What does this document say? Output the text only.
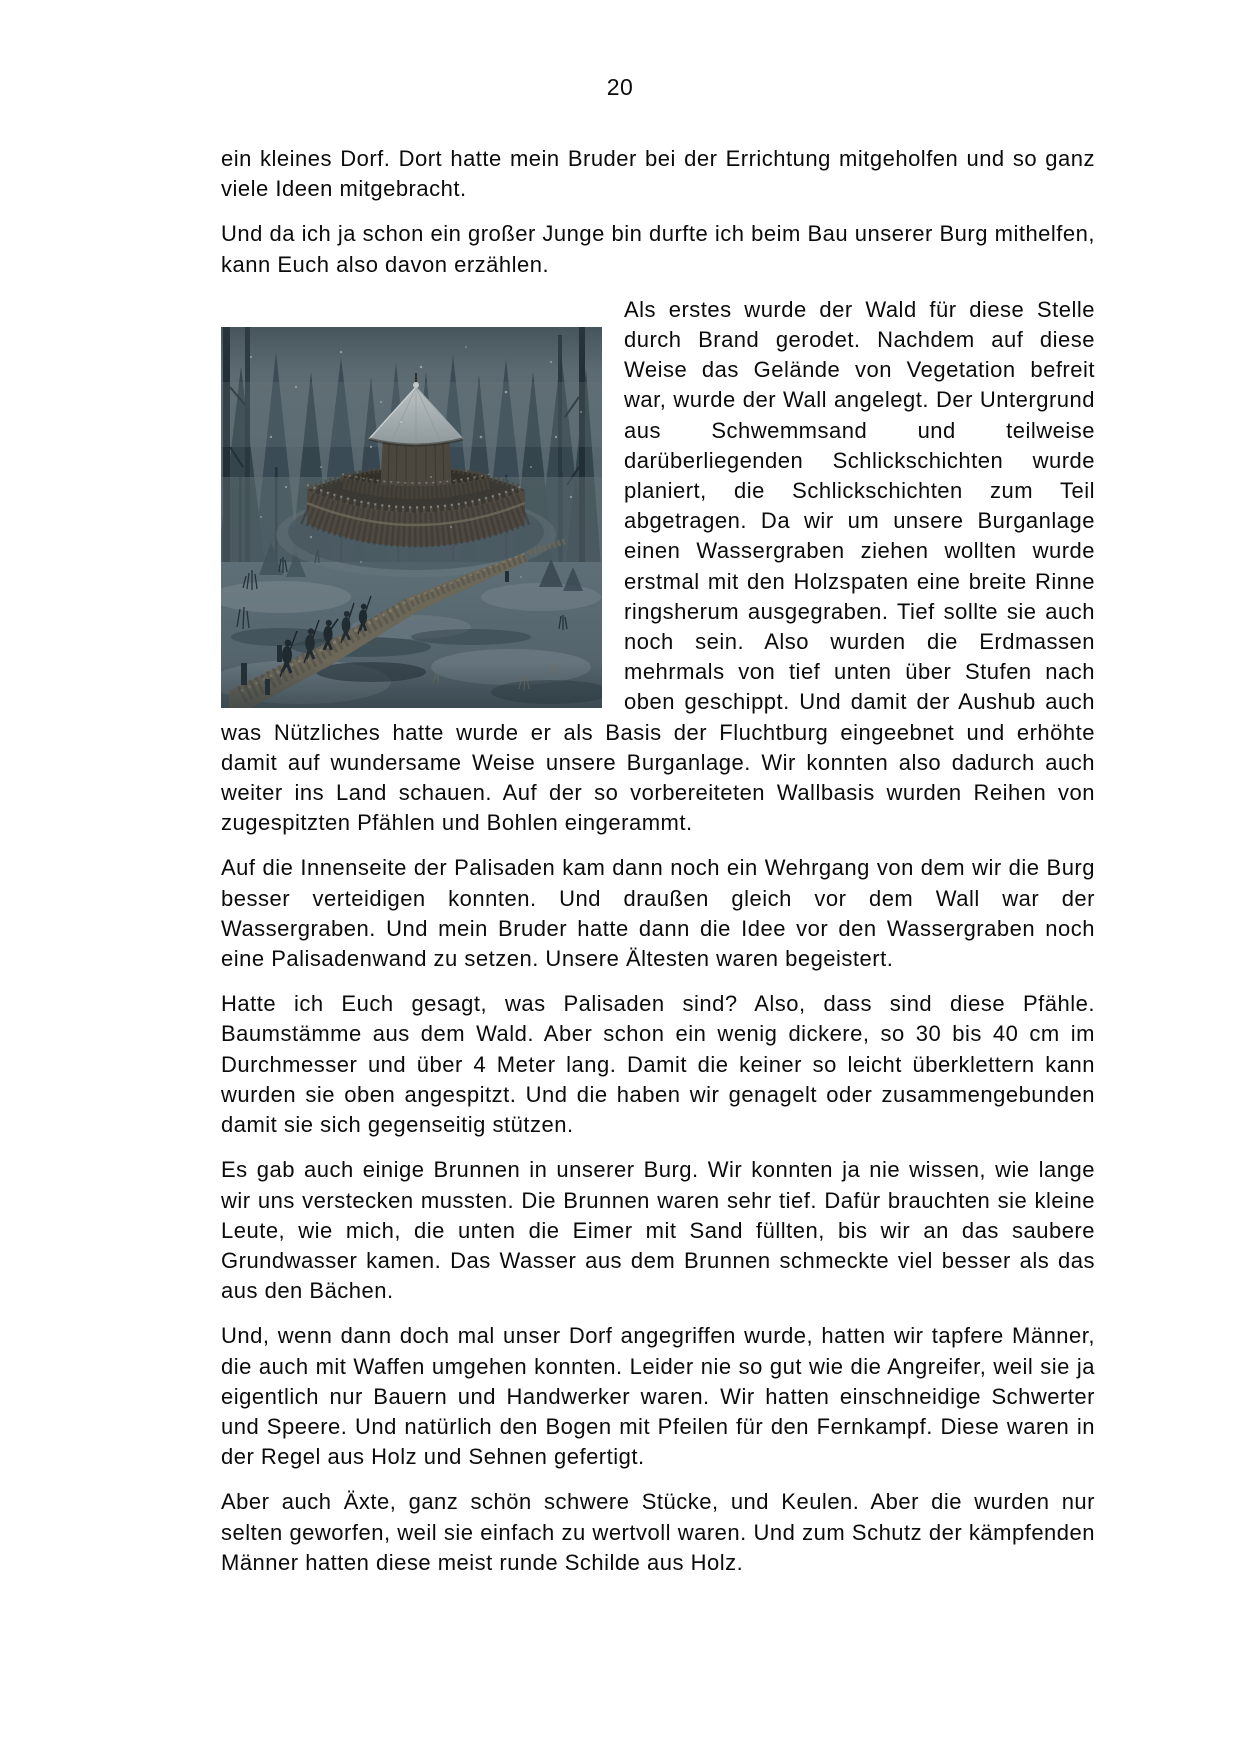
20

ein kleines Dorf. Dort hatte mein Bruder bei der Errichtung mitgeholfen und so ganz viele Ideen mitgebracht.

Und da ich ja schon ein großer Junge bin durfte ich beim Bau unserer Burg mithelfen, kann Euch also davon erzählen.

Als erstes wurde der Wald für diese Stelle durch Brand gerodet. Nachdem auf diese Weise das Gelände von Vegetation befreit war, wurde der Wall angelegt. Der Untergrund aus Schwemmsand und teilweise darüberliegenden Schlickschichten wurde planiert, die Schlickschichten zum Teil abgetragen. Da wir um unsere Burganlage einen Wassergraben ziehen wollten wurde erstmal mit den Holzspaten eine breite Rinne ringsherum ausgegraben. Tief sollte sie auch noch sein. Also wurden die Erdmassen mehrmals von tief unten über Stufen nach oben geschippt. Und damit der Aushub auch was Nützliches hatte wurde er als Basis der Fluchtburg eingeebnet und erhöhte damit auf wundersame Weise unsere Burganlage. Wir konnten also dadurch auch weiter ins Land schauen. Auf der so vorbereiteten Wallbasis wurden Reihen von zugespitzten Pfählen und Bohlen eingerammt.

Auf die Innenseite der Palisaden kam dann noch ein Wehrgang von dem wir die Burg besser verteidigen konnten. Und draußen gleich vor dem Wall war der Wassergraben. Und mein Bruder hatte dann die Idee vor den Wassergraben noch eine Palisadenwand zu setzen. Unsere Ältesten waren begeistert.

Hatte ich Euch gesagt, was Palisaden sind? Also, dass sind diese Pfähle. Baumstämme aus dem Wald. Aber schon ein wenig dickere, so 30 bis 40 cm im Durchmesser und über 4 Meter lang. Damit die keiner so leicht überklettern kann wurden sie oben angespitzt. Und die haben wir genagelt oder zusammengebunden damit sie sich gegenseitig stützen.

Es gab auch einige Brunnen in unserer Burg. Wir konnten ja nie wissen, wie lange wir uns verstecken mussten. Die Brunnen waren sehr tief. Dafür brauchten sie kleine Leute, wie mich, die unten die Eimer mit Sand füllten, bis wir an das saubere Grundwasser kamen. Das Wasser aus dem Brunnen schmeckte viel besser als das aus den Bächen.

Und, wenn dann doch mal unser Dorf angegriffen wurde, hatten wir tapfere Männer, die auch mit Waffen umgehen konnten. Leider nie so gut wie die Angreifer, weil sie ja eigentlich nur Bauern und Handwerker waren. Wir hatten einschneidige Schwerter und Speere. Und natürlich den Bogen mit Pfeilen für den Fernkampf. Diese waren in der Regel aus Holz und Sehnen gefertigt.

Aber auch Äxte, ganz schön schwere Stücke, und Keulen. Aber die wurden nur selten geworfen, weil sie einfach zu wertvoll waren. Und zum Schutz der kämpfenden Männer hatten diese meist runde Schilde aus Holz.
